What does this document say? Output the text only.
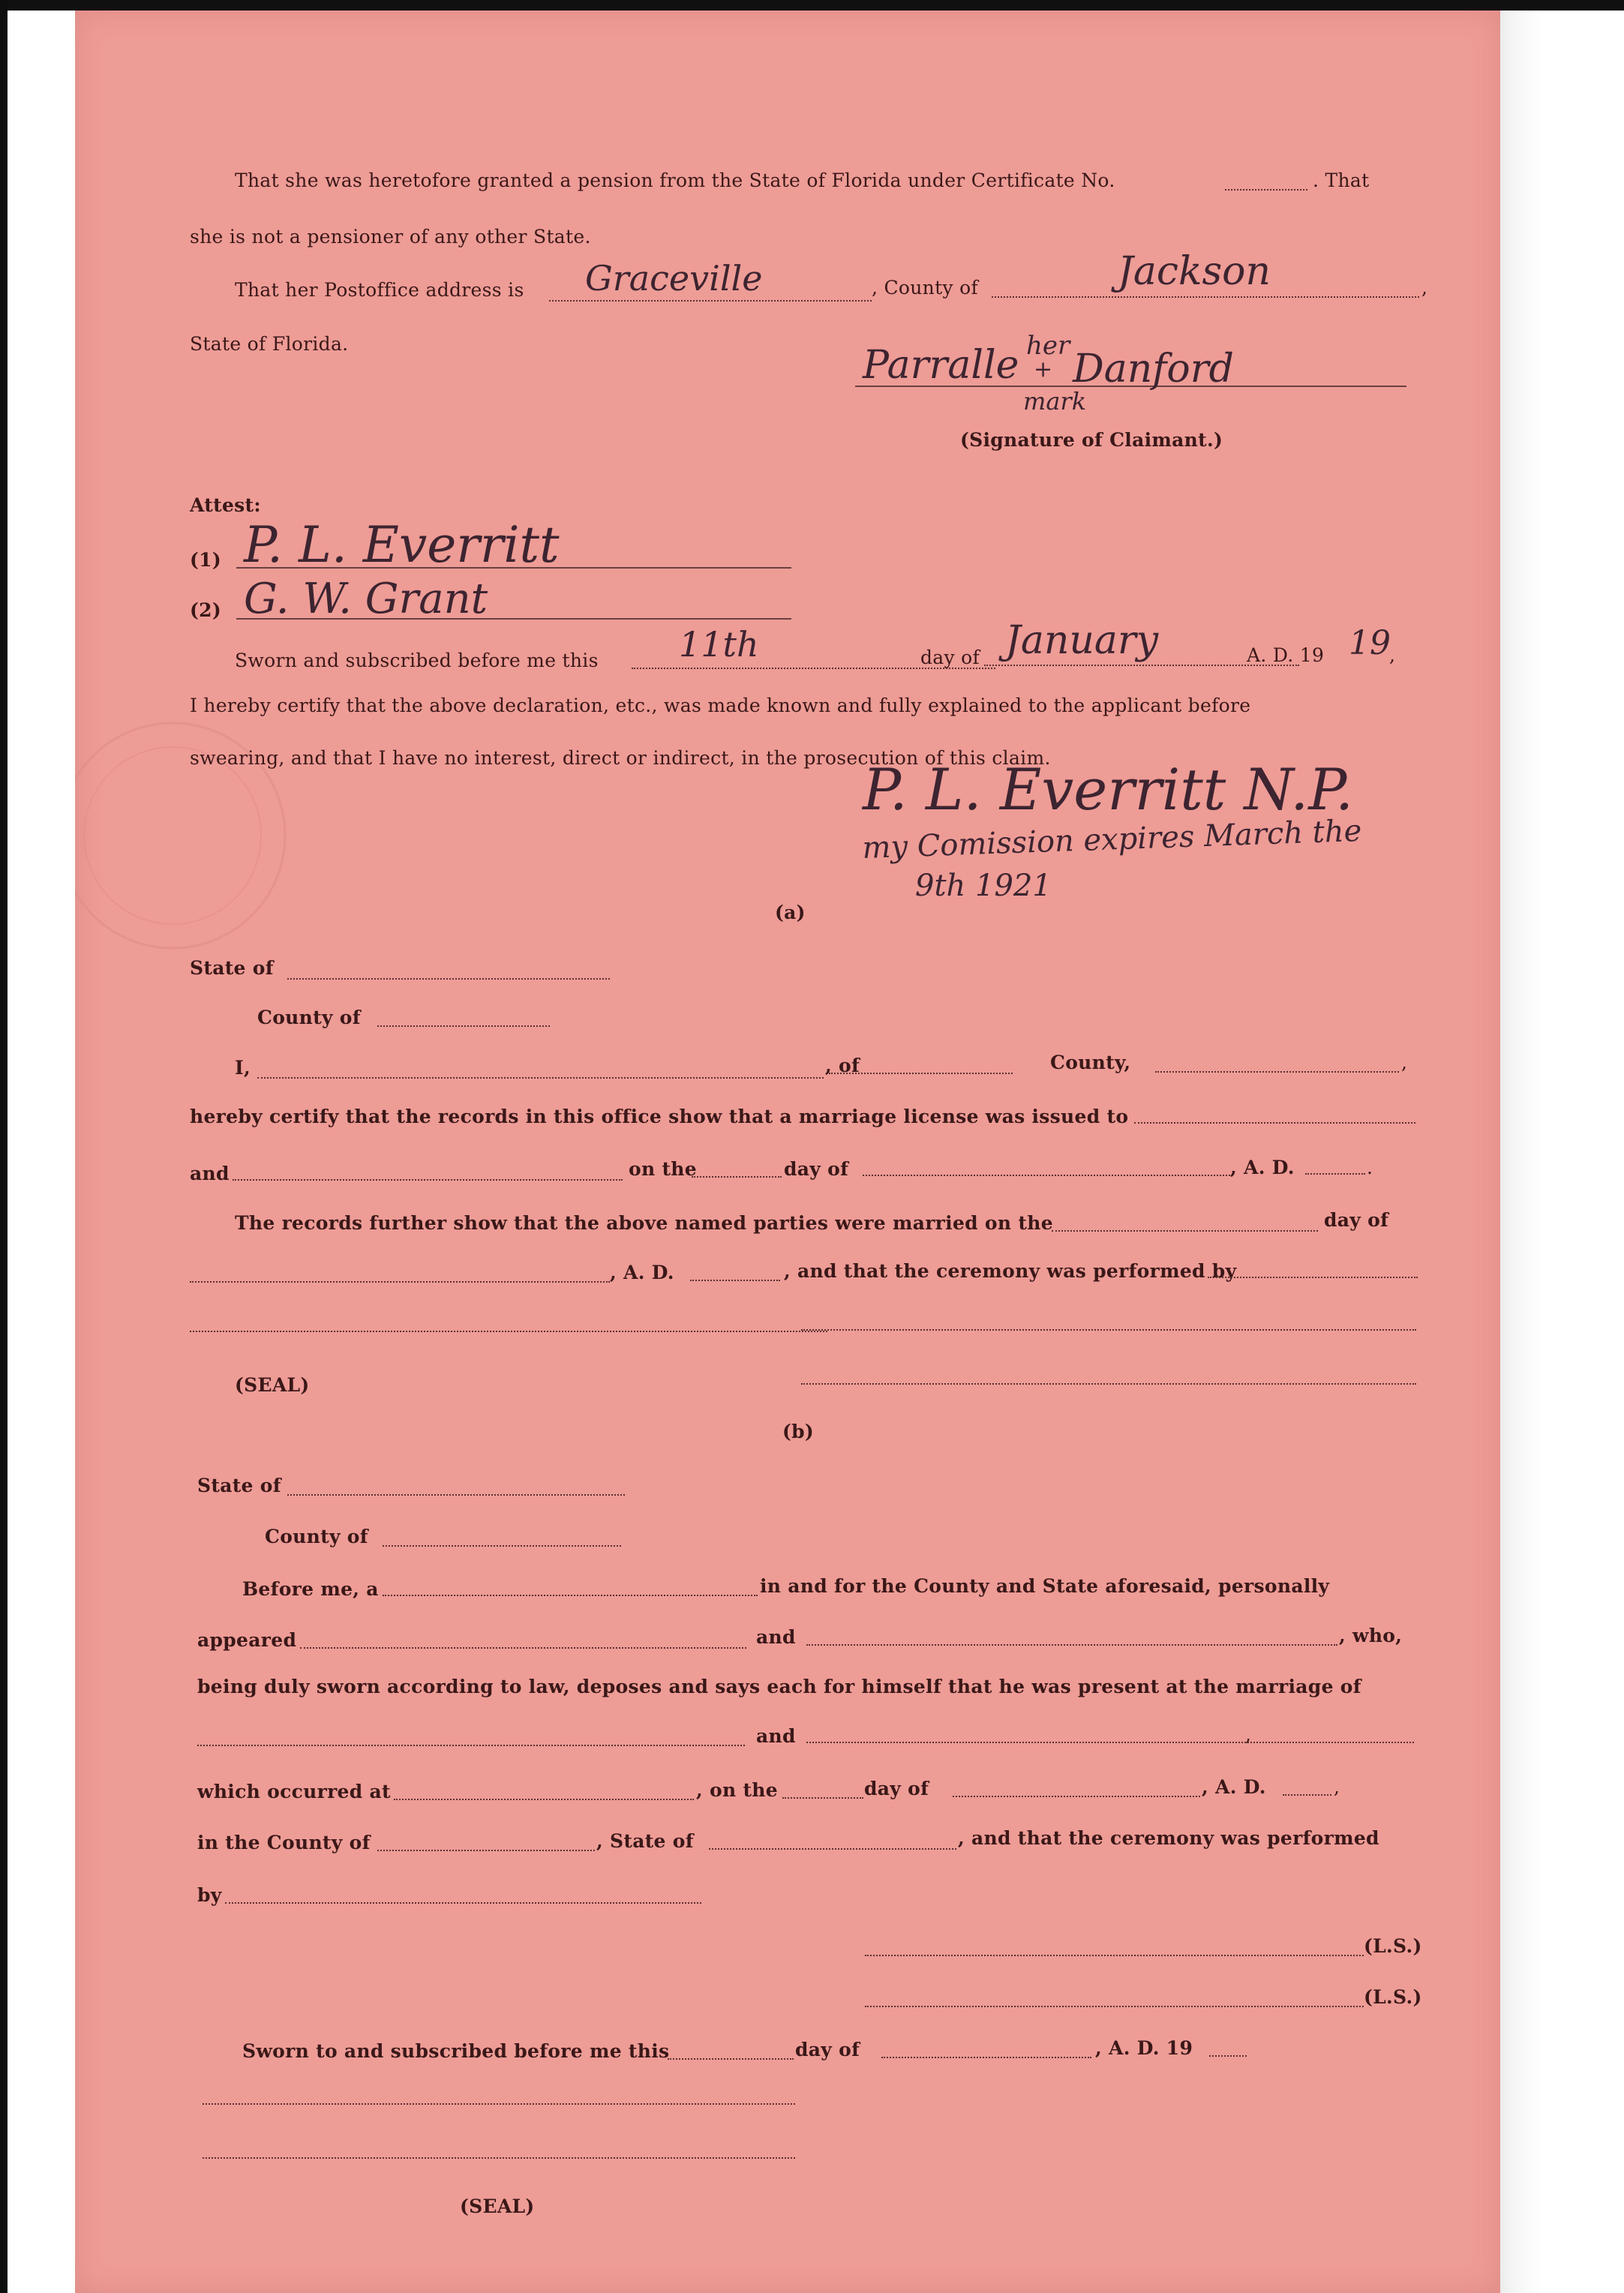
That she was heretofore granted a pension from the State of Florida under Certificate No.	. That
she is not a pensioner of any other State.
That her Postoffice address is Graceville	, County of	Jackson	,
State of Florida.	Parralle her
+ Danford
mark
(Signature of Claimant.)
Attest:
(1) P. L. Everritt
(2) G. W. Grant
Sworn and subscribed before me this 11th	day of January	A. D. 19 19
,
I hereby certify that the above declaration, etc., was made known and fully explained to the applicant before
swearing, and that I have no interest, direct or indirect, in the prosecution of this claim.
P. L. Everritt N.P.
my Comission expires March the
9th 1921
(a)
State of
County of
I,	, of	County,	,
hereby certify that the records in this office show that a marriage license was issued to
and	on the	day of	, A. D.	.
The records further show that the above named parties were married on the	day of
, A. D.	, and that the ceremony was performed by
(SEAL)
(b)
State of
County of
Before me, a	in and for the County and State aforesaid, personally
appeared	and	, who,
being duly sworn according to law, deposes and says each for himself that he was present at the marriage of
and	,
which occurred at	, on the	day of	, A. D.	,
in the County of	, State of	, and that the ceremony was performed
by
(L.S.)
(L.S.)
Sworn to and subscribed before me this	day of	, A. D. 19
(SEAL)
